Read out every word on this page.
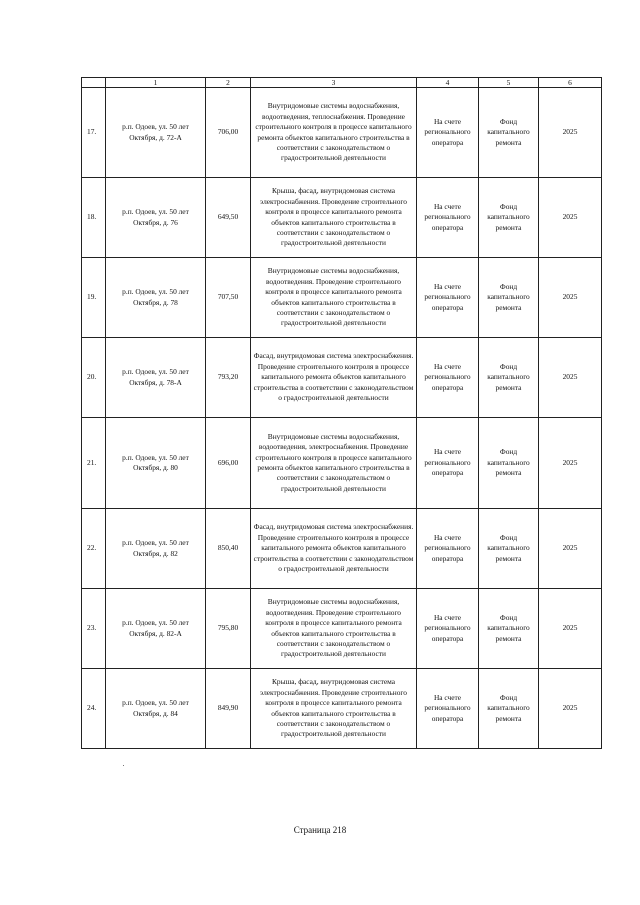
	1	2	3	4	5	6
17.	р.п. Одоев, ул. 50 лет Октября, д. 72-А	706,00	Внутридомовые системы водоснабжения, водоотведения, теплоснабжения. Проведение строительного контроля в процессе капитального ремонта объектов капитального строительства в соответствии с законодательством о градостроительной деятельности	На счете регионального оператора	Фонд капитального ремонта	2025
18.	р.п. Одоев, ул. 50 лет Октября, д. 76	649,50	Крыша, фасад, внутридомовая система электроснабжения. Проведение строительного контроля в процессе капитального ремонта объектов капитального строительства в соответствии с законодательством о градостроительной деятельности	На счете регионального оператора	Фонд капитального ремонта	2025
19.	р.п. Одоев, ул. 50 лет Октября, д. 78	707,50	Внутридомовые системы водоснабжения, водоотведения. Проведение строительного контроля в процессе капитального ремонта объектов капитального строительства в соответствии с законодательством о градостроительной деятельности	На счете регионального оператора	Фонд капитального ремонта	2025
20.	р.п. Одоев, ул. 50 лет Октября, д. 78-А	793,20	Фасад, внутридомовая система электроснабжения. Проведение строительного контроля в процессе капитального ремонта объектов капитального строительства в соответствии с законодательством о градостроительной деятельности	На счете регионального оператора	Фонд капитального ремонта	2025
21.	р.п. Одоев, ул. 50 лет Октября, д. 80	696,00	Внутридомовые системы водоснабжения, водоотведения, электроснабжения. Проведение строительного контроля в процессе капитального ремонта объектов капитального строительства в соответствии с законодательством о градостроительной деятельности	На счете регионального оператора	Фонд капитального ремонта	2025
22.	р.п. Одоев, ул. 50 лет Октября, д. 82	850,40	Фасад, внутридомовая система электроснабжения. Проведение строительного контроля в процессе капитального ремонта объектов капитального строительства в соответствии с законодательством о градостроительной деятельности	На счете регионального оператора	Фонд капитального ремонта	2025
23.	р.п. Одоев, ул. 50 лет Октября, д. 82-А	795,80	Внутридомовые системы водоснабжения, водоотведения. Проведение строительного контроля в процессе капитального ремонта объектов капитального строительства в соответствии с законодательством о градостроительной деятельности	На счете регионального оператора	Фонд капитального ремонта	2025
24.	р.п. Одоев, ул. 50 лет Октября, д. 84	849,90	Крыша, фасад, внутридомовая система электроснабжения. Проведение строительного контроля в процессе капитального ремонта объектов капитального строительства в соответствии с законодательством о градостроительной деятельности	На счете регионального оператора	Фонд капитального ремонта	2025
Страница 218
